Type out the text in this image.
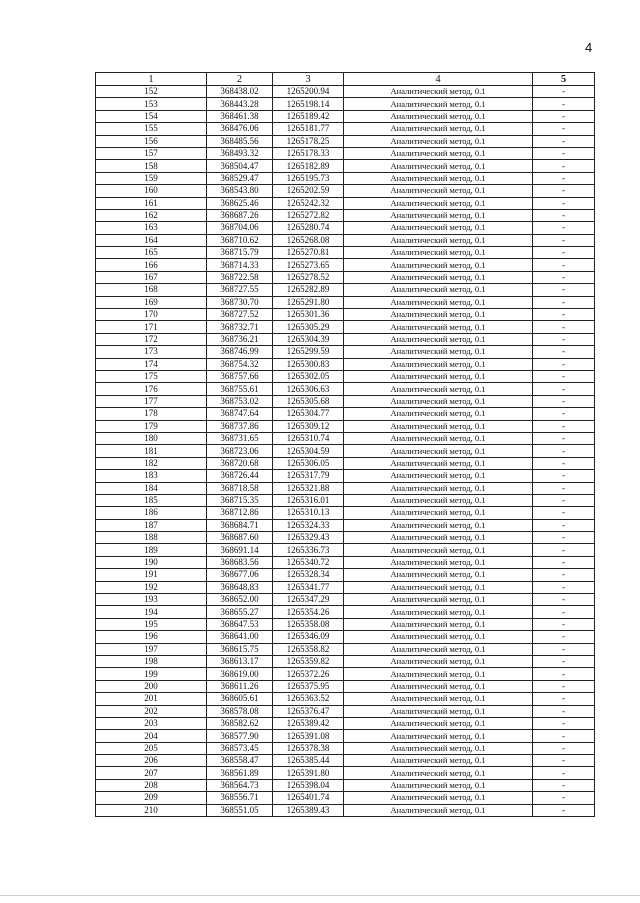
4
1	2	3	4	5
152	368438.02	1265200.94	Аналитический метод, 0.1	-
153	368443.28	1265198.14	Аналитический метод, 0.1	-
154	368461.38	1265189.42	Аналитический метод, 0.1	-
155	368476.06	1265181.77	Аналитический метод, 0.1	-
156	368485.56	1265178.25	Аналитический метод, 0.1	-
157	368493.32	1265178.33	Аналитический метод, 0.1	-
158	368504.47	1265182.89	Аналитический метод, 0.1	-
159	368529.47	1265195.73	Аналитический метод, 0.1	-
160	368543.80	1265202.59	Аналитический метод, 0.1	-
161	368625.46	1265242.32	Аналитический метод, 0.1	-
162	368687.26	1265272.82	Аналитический метод, 0.1	-
163	368704.06	1265280.74	Аналитический метод, 0.1	-
164	368710.62	1265268.08	Аналитический метод, 0.1	-
165	368715.79	1265270.81	Аналитический метод, 0.1	-
166	368714.33	1265273.65	Аналитический метод, 0.1	-
167	368722.58	1265278.52	Аналитический метод, 0.1	-
168	368727.55	1265282.89	Аналитический метод, 0.1	-
169	368730.70	1265291.80	Аналитический метод, 0.1	-
170	368727.52	1265301.36	Аналитический метод, 0.1	-
171	368732.71	1265305.29	Аналитический метод, 0.1	-
172	368736.21	1265304.39	Аналитический метод, 0.1	-
173	368746.99	1265299.59	Аналитический метод, 0.1	-
174	368754.32	1265300.83	Аналитический метод, 0.1	-
175	368757.66	1265302.05	Аналитический метод, 0.1	-
176	368755.61	1265306.63	Аналитический метод, 0.1	-
177	368753.02	1265305.68	Аналитический метод, 0.1	-
178	368747.64	1265304.77	Аналитический метод, 0.1	-
179	368737.86	1265309.12	Аналитический метод, 0.1	-
180	368731.65	1265310.74	Аналитический метод, 0.1	-
181	368723.06	1265304.59	Аналитический метод, 0.1	-
182	368720.68	1265306.05	Аналитический метод, 0.1	-
183	368726.44	1265317.79	Аналитический метод, 0.1	-
184	368718.58	1265321.88	Аналитический метод, 0.1	-
185	368715.35	1265316.01	Аналитический метод, 0.1	-
186	368712.86	1265310.13	Аналитический метод, 0.1	-
187	368684.71	1265324.33	Аналитический метод, 0.1	-
188	368687.60	1265329.43	Аналитический метод, 0.1	-
189	368691.14	1265336.73	Аналитический метод, 0.1	-
190	368683.56	1265340.72	Аналитический метод, 0.1	-
191	368677.06	1265328.34	Аналитический метод, 0.1	-
192	368648.83	1265341.77	Аналитический метод, 0.1	-
193	368652.00	1265347.29	Аналитический метод, 0.1	-
194	368655.27	1265354.26	Аналитический метод, 0.1	-
195	368647.53	1265358.08	Аналитический метод, 0.1	-
196	368641.00	1265346.09	Аналитический метод, 0.1	-
197	368615.75	1265358.82	Аналитический метод, 0.1	-
198	368613.17	1265359.82	Аналитический метод, 0.1	-
199	368619.00	1265372.26	Аналитический метод, 0.1	-
200	368611.26	1265375.95	Аналитический метод, 0.1	-
201	368605.61	1265363.52	Аналитический метод, 0.1	-
202	368578.08	1265376.47	Аналитический метод, 0.1	-
203	368582.62	1265389.42	Аналитический метод, 0.1	-
204	368577.90	1265391.08	Аналитический метод, 0.1	-
205	368573.45	1265378.38	Аналитический метод, 0.1	-
206	368558.47	1265385.44	Аналитический метод, 0.1	-
207	368561.89	1265391.80	Аналитический метод, 0.1	-
208	368564.73	1265398.04	Аналитический метод, 0.1	-
209	368556.71	1265401.74	Аналитический метод, 0.1	-
210	368551.05	1265389.43	Аналитический метод, 0.1	-
